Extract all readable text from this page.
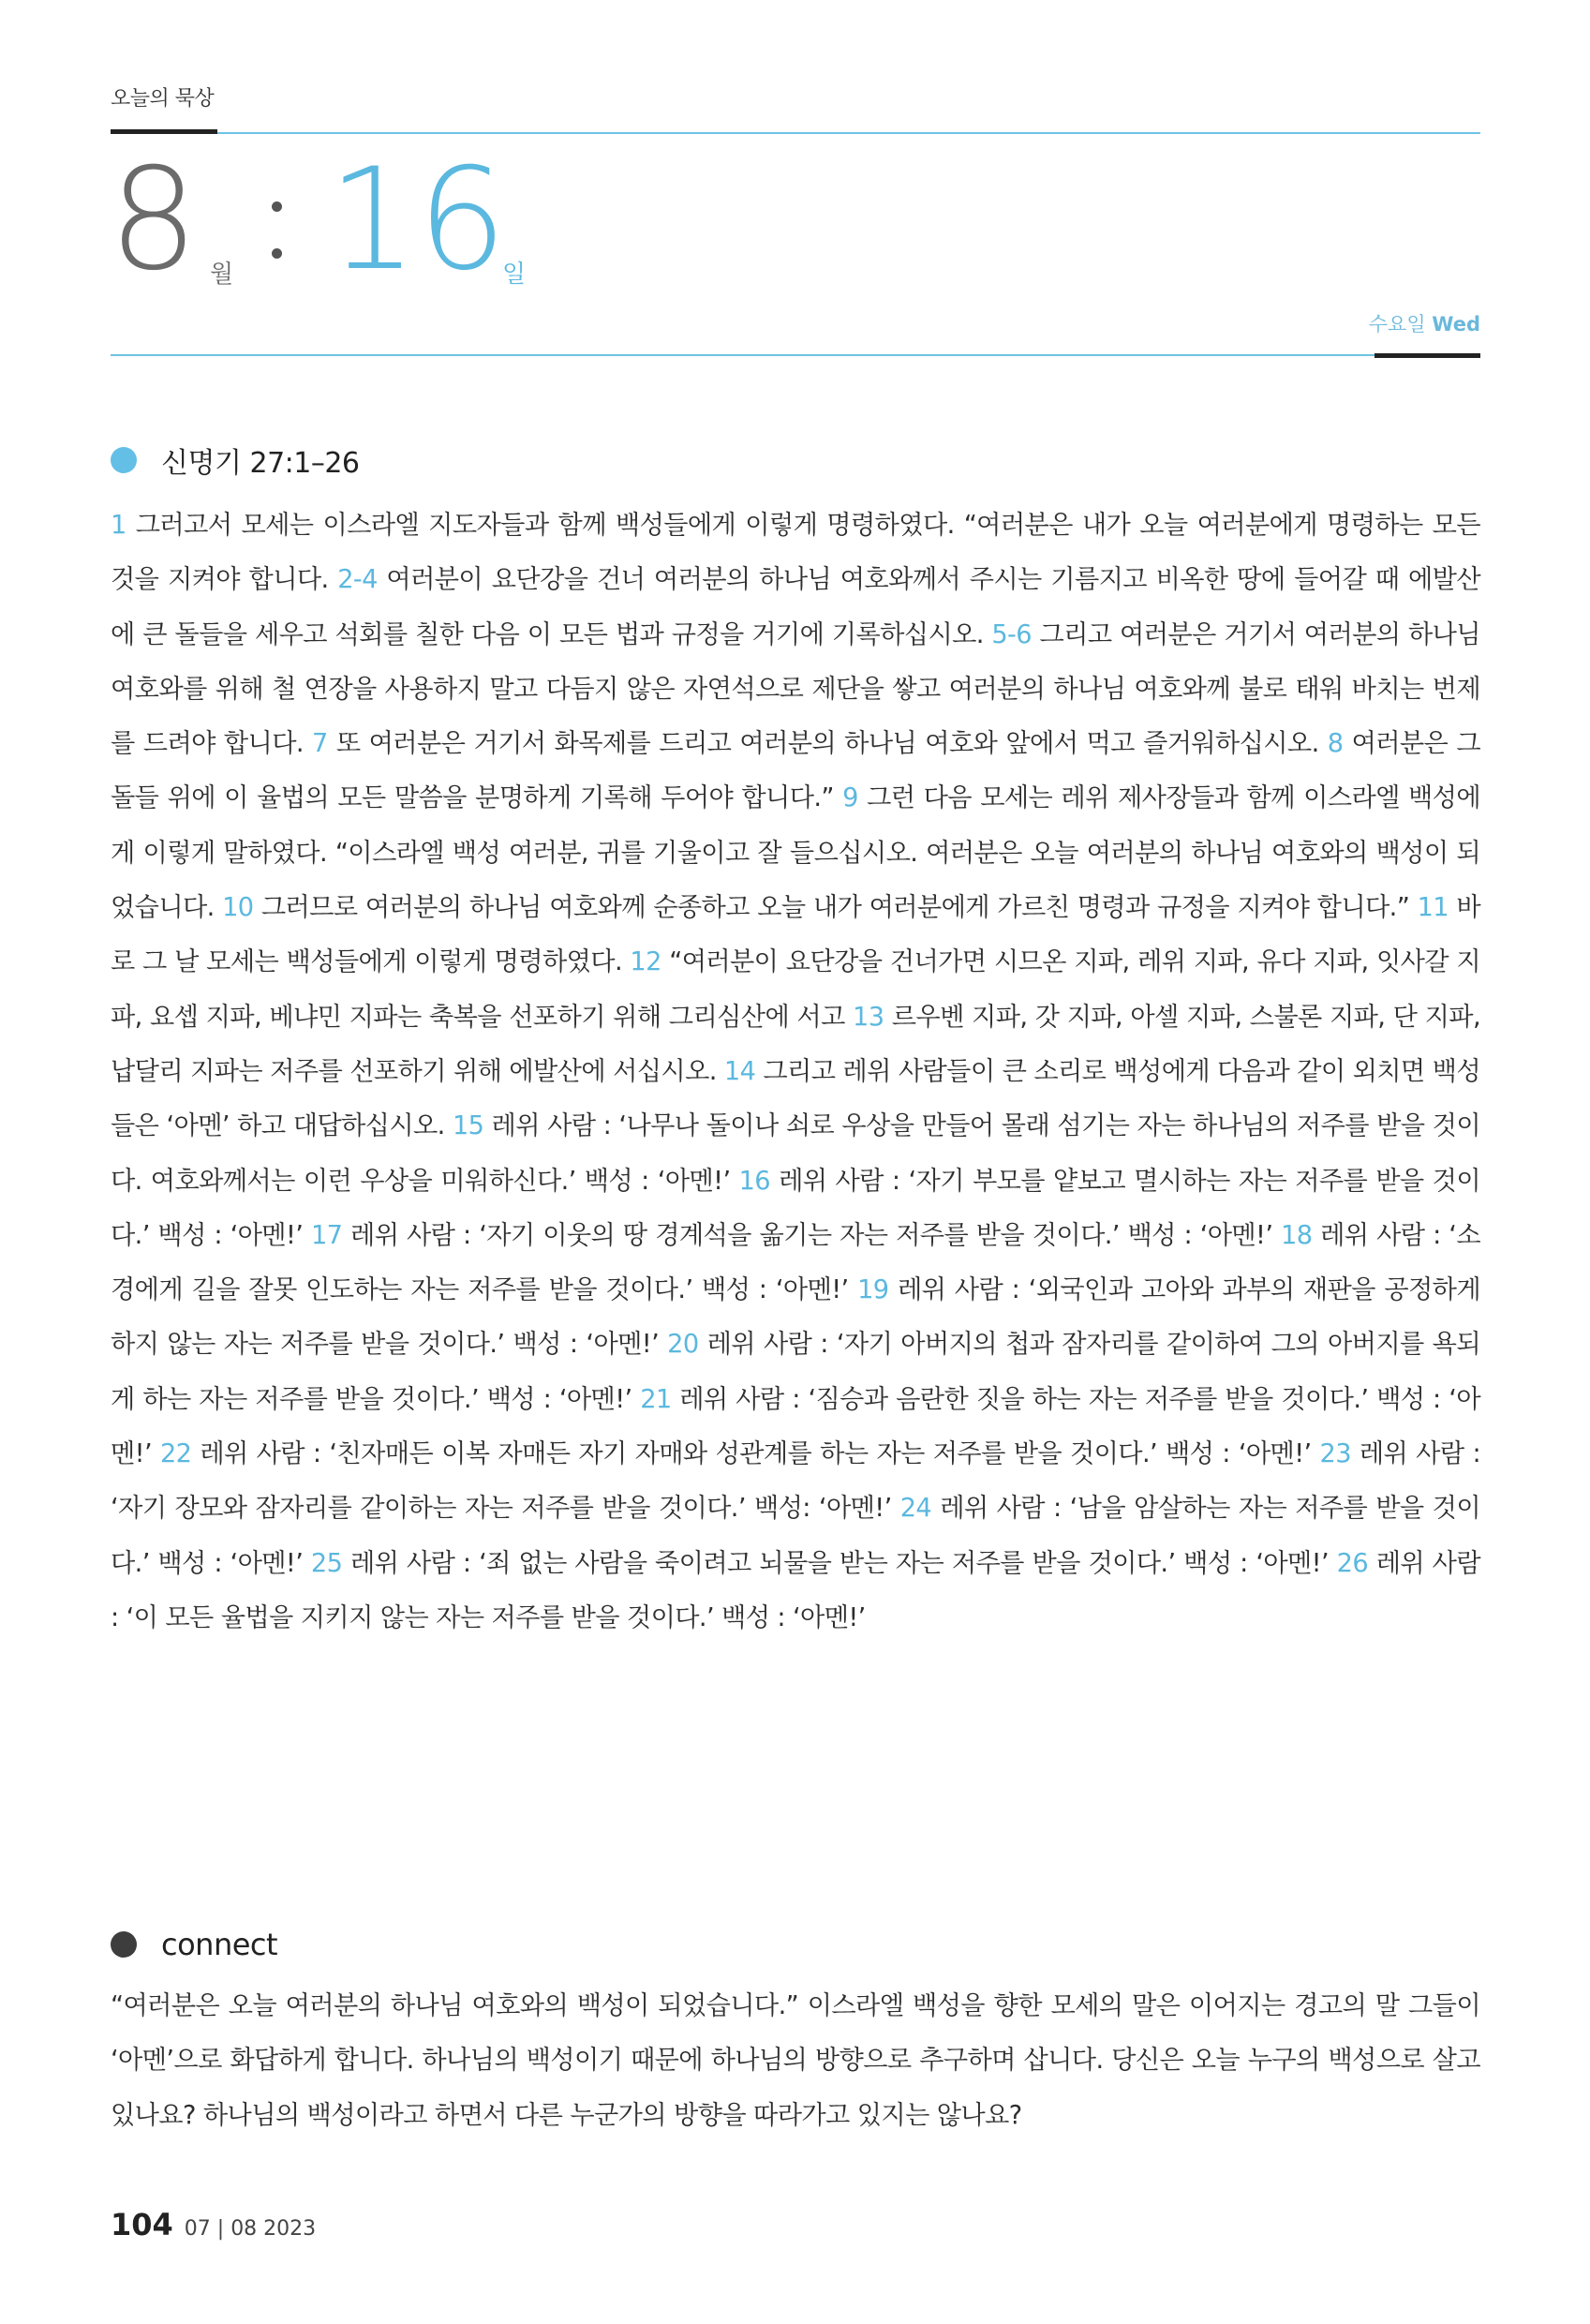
오늘의 묵상
8 월 16
일
수요일 Wed
신명기 27:1–26

1 그러고서 모세는 이스라엘 지도자들과 함께 백성들에게 이렇게 명령하였다. “여러분은 내가 오늘 여러분에게 명령하는 모든 것을 지켜야 합니다. 2-4 여러분이 요단강을 건너 여러분의 하나님 여호와께서 주시는 기름지고 비옥한 땅에 들어갈 때 에발산에 큰 돌들을 세우고 석회를 칠한 다음 이 모든 법과 규정을 거기에 기록하십시오. 5-6 그리고 여러분은 거기서 여러분의 하나님 여호와를 위해 철 연장을 사용하지 말고 다듬지 않은 자연석으로 제단을 쌓고 여러분의 하나님 여호와께 불로 태워 바치는 번제를 드려야 합니다. 7 또 여러분은 거기서 화목제를 드리고 여러분의 하나님 여호와 앞에서 먹고 즐거워하십시오. 8 여러분은 그 돌들 위에 이 율법의 모든 말씀을 분명하게 기록해 두어야 합니다.” 9 그런 다음 모세는 레위 제사장들과 함께 이스라엘 백성에게 이렇게 말하였다. “이스라엘 백성 여러분, 귀를 기울이고 잘 들으십시오. 여러분은 오늘 여러분의 하나님 여호와의 백성이 되었습니다. 10 그러므로 여러분의 하나님 여호와께 순종하고 오늘 내가 여러분에게 가르친 명령과 규정을 지켜야 합니다.” 11 바로 그 날 모세는 백성들에게 이렇게 명령하였다. 12 “여러분이 요단강을 건너가면 시므온 지파, 레위 지파, 유다 지파, 잇사갈 지파, 요셉 지파, 베냐민 지파는 축복을 선포하기 위해 그리심산에 서고 13 르우벤 지파, 갓 지파, 아셀 지파, 스불론 지파, 단 지파, 납달리 지파는 저주를 선포하기 위해 에발산에 서십시오. 14 그리고 레위 사람들이 큰 소리로 백성에게 다음과 같이 외치면 백성들은 ‘아멘’ 하고 대답하십시오. 15 레위 사람 : ‘나무나 돌이나 쇠로 우상을 만들어 몰래 섬기는 자는 하나님의 저주를 받을 것이다. 여호와께서는 이런 우상을 미워하신다.’ 백성 : ‘아멘!’ 16 레위 사람 : ‘자기 부모를 얕보고 멸시하는 자는 저주를 받을 것이다.’ 백성 : ‘아멘!’ 17 레위 사람 : ‘자기 이웃의 땅 경계석을 옮기는 자는 저주를 받을 것이다.’ 백성 : ‘아멘!’ 18 레위 사람 : ‘소경에게 길을 잘못 인도하는 자는 저주를 받을 것이다.’ 백성 : ‘아멘!’ 19 레위 사람 : ‘외국인과 고아와 과부의 재판을 공정하게 하지 않는 자는 저주를 받을 것이다.’ 백성 : ‘아멘!’ 20 레위 사람 : ‘자기 아버지의 첩과 잠자리를 같이하여 그의 아버지를 욕되게 하는 자는 저주를 받을 것이다.’ 백성 : ‘아멘!’ 21 레위 사람 : ‘짐승과 음란한 짓을 하는 자는 저주를 받을 것이다.’ 백성 : ‘아멘!’ 22 레위 사람 : ‘친자매든 이복 자매든 자기 자매와 성관계를 하는 자는 저주를 받을 것이다.’ 백성 : ‘아멘!’ 23 레위 사람 : ‘자기 장모와 잠자리를 같이하는 자는 저주를 받을 것이다.’ 백성: ‘아멘!’ 24 레위 사람 : ‘남을 암살하는 자는 저주를 받을 것이다.’ 백성 : ‘아멘!’ 25 레위 사람 : ‘죄 없는 사람을 죽이려고 뇌물을 받는 자는 저주를 받을 것이다.’ 백성 : ‘아멘!’ 26 레위 사람 : ‘이 모든 율법을 지키지 않는 자는 저주를 받을 것이다.’ 백성 : ‘아멘!’

connect

“여러분은 오늘 여러분의 하나님 여호와의 백성이 되었습니다.” 이스라엘 백성을 향한 모세의 말은 이어지는 경고의 말 그들이 ‘아멘’으로 화답하게 합니다. 하나님의 백성이기 때문에 하나님의 방향으로 추구하며 삽니다. 당신은 오늘 누구의 백성으로 살고 있나요? 하나님의 백성이라고 하면서 다른 누군가의 방향을 따라가고 있지는 않나요?

104 07 | 08 2023
